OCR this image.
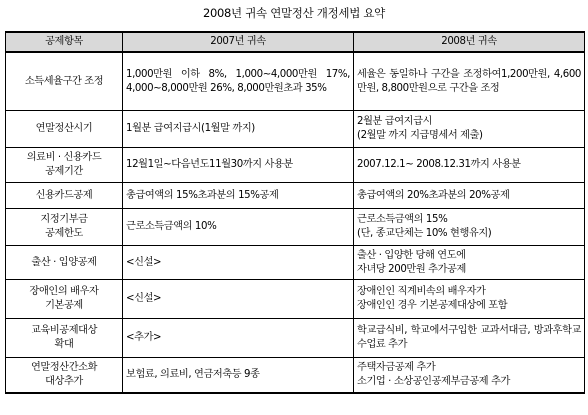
2008년 귀속 연말정산 개정세법 요약
공제항목	2007년 귀속	2008년 귀속

소득세율구간 조정	1,000만원 이하 8%, 1,000~4,000만원 17%, 4,000~8,000만원 26%, 8,000만원초과 35%	세율은 동일하나 구간을 조정하여1,200만원, 4,600만원, 8,800만원으로 구간을 조정

연말정산시기	1월분 급여지급시(1월말 까지)	2월분 급여지급시
(2월말 까지 지급명세서 제출)

의료비 · 신용카드
공제기간	12월1일~다음년도11월30까지 사용분	2007.12.1~ 2008.12.31까지 사용분

신용카드공제	총급여액의 15%초과분의 15%공제	총급여액의 20%초과분의 20%공제

지정기부금
공제한도	근로소득금액의 10%	근로소득금액의 15%
(단, 종교단체는 10% 현행유지)

출산 · 입양공제	<신설>	출산 · 입양한 당해 연도에
자녀당 200만원 추가공제

장애인의 배우자
기본공제	<신설>	장애인인 직계비속의 배우자가
장애인인 경우 기본공제대상에 포함

교육비공제대상
확대	<추가>	학교급식비, 학교에서구입한 교과서대금, 방과후학교 수업료 추가

연말정산간소화
대상추가	보험료, 의료비, 연금저축등 9종	주택자금공제 추가
소기업 · 소상공인공제부금공제 추가
